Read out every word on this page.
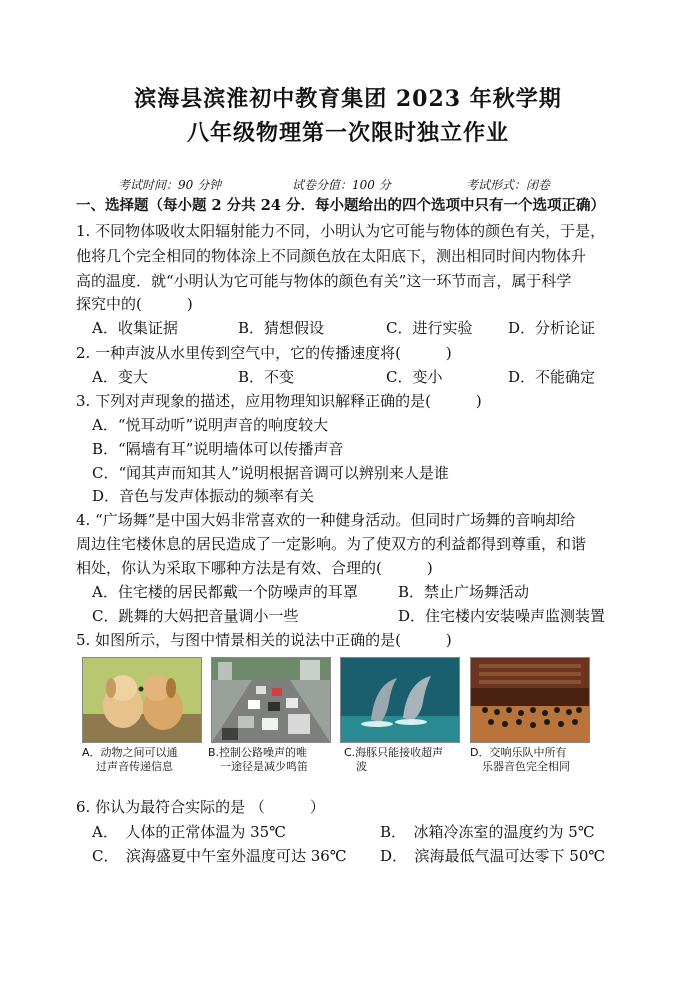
滨海县滨淮初中教育集团 2023 年秋学期
八年级物理第一次限时独立作业
考试时间：90 分钟	试卷分值：100 分	考试形式：闭卷
一、选择题（每小题 2 分共 24 分．每小题给出的四个选项中只有一个选项正确）
1. 不同物体吸收太阳辐射能力不同，小明认为它可能与物体的颜色有关，于是，
他将几个完全相同的物体涂上不同颜色放在太阳底下，测出相同时间内物体升
高的温度．就“小明认为它可能与物体的颜色有关”这一环节而言，属于科学
探究中的(　　　)
A．收集证据	B．猜想假设	C．进行实验 D．分析论证
2. 一种声波从水里传到空气中，它的传播速度将(　　　)
A．变大	B．不变	C．变小	D．不能确定
3. 下列对声现象的描述，应用物理知识解释正确的是(　　　)
A．“悦耳动听”说明声音的响度较大
B．“隔墙有耳”说明墙体可以传播声音
C．“闻其声而知其人”说明根据音调可以辨别来人是谁
D．音色与发声体振动的频率有关
4. “广场舞”是中国大妈非常喜欢的一种健身活动。但同时广场舞的音响却给
周边住宅楼休息的居民造成了一定影响。为了使双方的利益都得到尊重，和谐
相处，你认为采取下哪种方法是有效、合理的(　　　)
A．住宅楼的居民都戴一个防噪声的耳罩	B．禁止广场舞活动
C．跳舞的大妈把音量调小一些	D．住宅楼内安装噪声监测装置
5. 如图所示，与图中情景相关的说法中正确的是(　　　)
A．动物之间可以通
过声音传递信息
B.控制公路噪声的唯
一途径是减少鸣笛
C.海豚只能接收超声
波
D．交响乐队中所有
乐器音色完全相同
6. 你认为最符合实际的是 （　　　）
A．　人体的正常体温为 35℃	B．　冰箱冷冻室的温度约为 5℃
C．　滨海盛夏中午室外温度可达 36℃ D．　滨海最低气温可达零下 50℃
